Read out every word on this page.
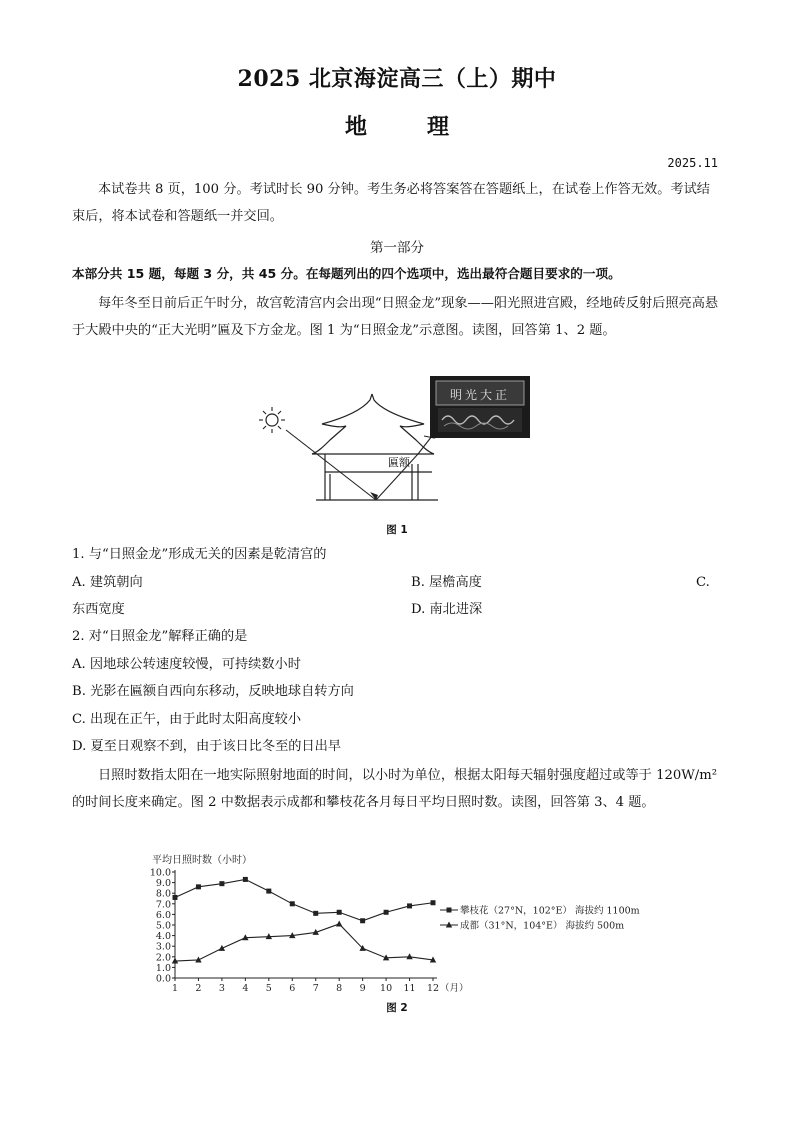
2025 北京海淀高三（上）期中
地	理
2025.11
本试卷共 8 页，100 分。考试时长 90 分钟。考生务必将答案答在答题纸上，在试卷上作答无效。考试结束后，将本试卷和答题纸一并交回。
第一部分
本部分共 15 题，每题 3 分，共 45 分。在每题列出的四个选项中，选出最符合题目要求的一项。
每年冬至日前后正午时分，故宫乾清宫内会出现“日照金龙”现象——阳光照进宫殿，经地砖反射后照亮高悬于大殿中央的“正大光明”匾及下方金龙。图 1 为“日照金龙”示意图。读图，回答第 1、2 题。
明光大正
匾额
图 1
1. 与“日照金龙”形成无关的因素是乾清宫的
A. 建筑朝向	B. 屋檐高度	C.
东西宽度	D. 南北进深
2. 对“日照金龙”解释正确的是
A. 因地球公转速度较慢，可持续数小时
B. 光影在匾额自西向东移动，反映地球自转方向
C. 出现在正午，由于此时太阳高度较小
D. 夏至日观察不到，由于该日比冬至的日出早
日照时数指太阳在一地实际照射地面的时间，以小时为单位，根据太阳每天辐射强度超过或等于 120W/m²的时间长度来确定。图 2 中数据表示成都和攀枝花各月每日平均日照时数。读图，回答第 3、4 题。
平均日照时数（小时）
0.0
1.0
2.0
3.0
4.0
5.0
6.0
7.0
8.0
9.0
10.0
1 2 3 4 5 6 7 8 9 10 11 12 （月）
攀枝花（27°N，102°E） 海拔约 1100m
成都（31°N，104°E） 海拔约 500m
图 2
